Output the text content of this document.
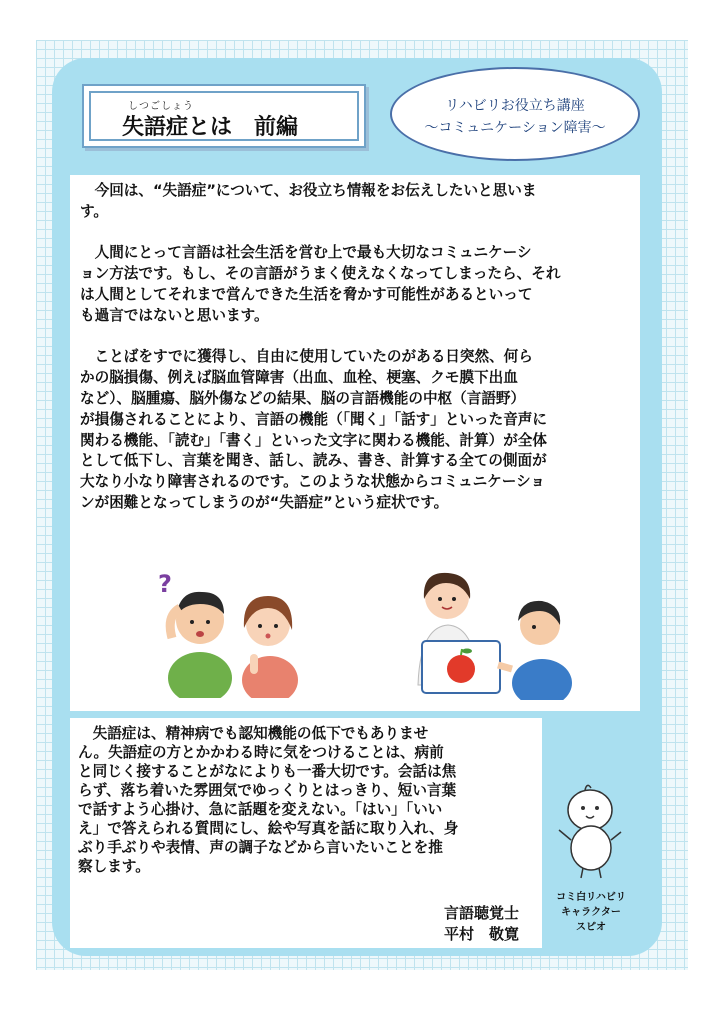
しつごしょう
失語症とは　前編
リハビリお役立ち講座
～コミュニケーション障害～

　今回は、“失語症”について、お役立ち情報をお伝えしたいと思いま

す。

　人間にとって言語は社会生活を営む上で最も大切なコミュニケーシ

ョン方法です。もし、その言語がうまく使えなくなってしまったら、それ

は人間としてそれまで営んできた生活を脅かす可能性があるといって

も過言ではないと思います。

　ことばをすでに獲得し、自由に使用していたのがある日突然、何ら

かの脳損傷、例えば脳血管障害（出血、血栓、梗塞、クモ膜下出血

など）、脳腫瘍、脳外傷などの結果、脳の言語機能の中枢（言語野）

が損傷されることにより、言語の機能（「聞く」「話す」といった音声に

関わる機能、「読む」「書く」といった文字に関わる機能、計算）が全体

として低下し、言葉を聞き、話し、読み、書き、計算する全ての側面が

大なり小なり障害されるのです。このような状態からコミュニケーショ

ンが困難となってしまうのが“失語症”という症状です。

?

　失語症は、精神病でも認知機能の低下でもありませ

ん。失語症の方とかかわる時に気をつけることは、病前

と同じく接することがなによりも一番大切です。会話は焦

らず、落ち着いた雰囲気でゆっくりとはっきり、短い言葉

で話すよう心掛け、急に話題を変えない。「はい」「いい

え」で答えられる質問にし、絵や写真を話に取り入れ、身

ぶり手ぶりや表情、声の調子などから言いたいことを推

察します。

言語聴覚士
平村　敬寛
コミ白リハビリ
キャラクター
スピオ
